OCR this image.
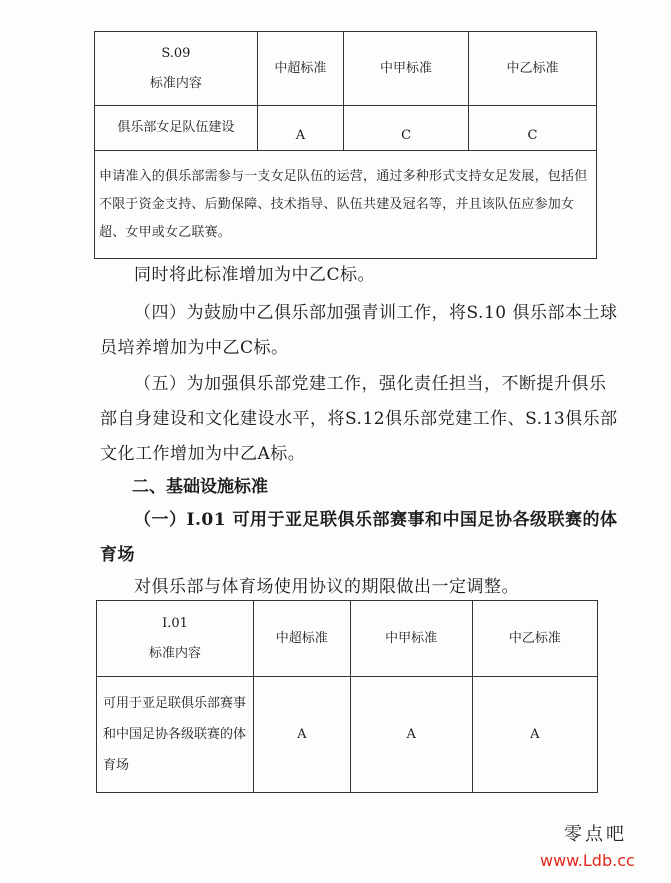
S.09
标准内容	中超标准	中甲标准	中乙标准
俱乐部女足队伍建设	A	C	C
申请准入的俱乐部需参与一支女足队伍的运营，通过多种形式支持女足发展，包括但不限于资金支持、后勤保障、技术指导、队伍共建及冠名等，并且该队伍应参加女超、女甲或女乙联赛。			

同时将此标准增加为中乙C标。

（四）为鼓励中乙俱乐部加强青训工作，将S.10 俱乐部本土球员培养增加为中乙C标。

（五）为加强俱乐部党建工作，强化责任担当，不断提升俱乐部自身建设和文化建设水平，将S.12俱乐部党建工作、S.13俱乐部文化工作增加为中乙A标。

二、基础设施标准

（一）I.01 可用于亚足联俱乐部赛事和中国足协各级联赛的体育场

对俱乐部与体育场使用协议的期限做出一定调整。

I.01
标准内容	中超标准	中甲标准	中乙标准
可用于亚足联俱乐部赛事和中国足协各级联赛的体育场	A	A	A
零点吧
www.Ldb.cc
